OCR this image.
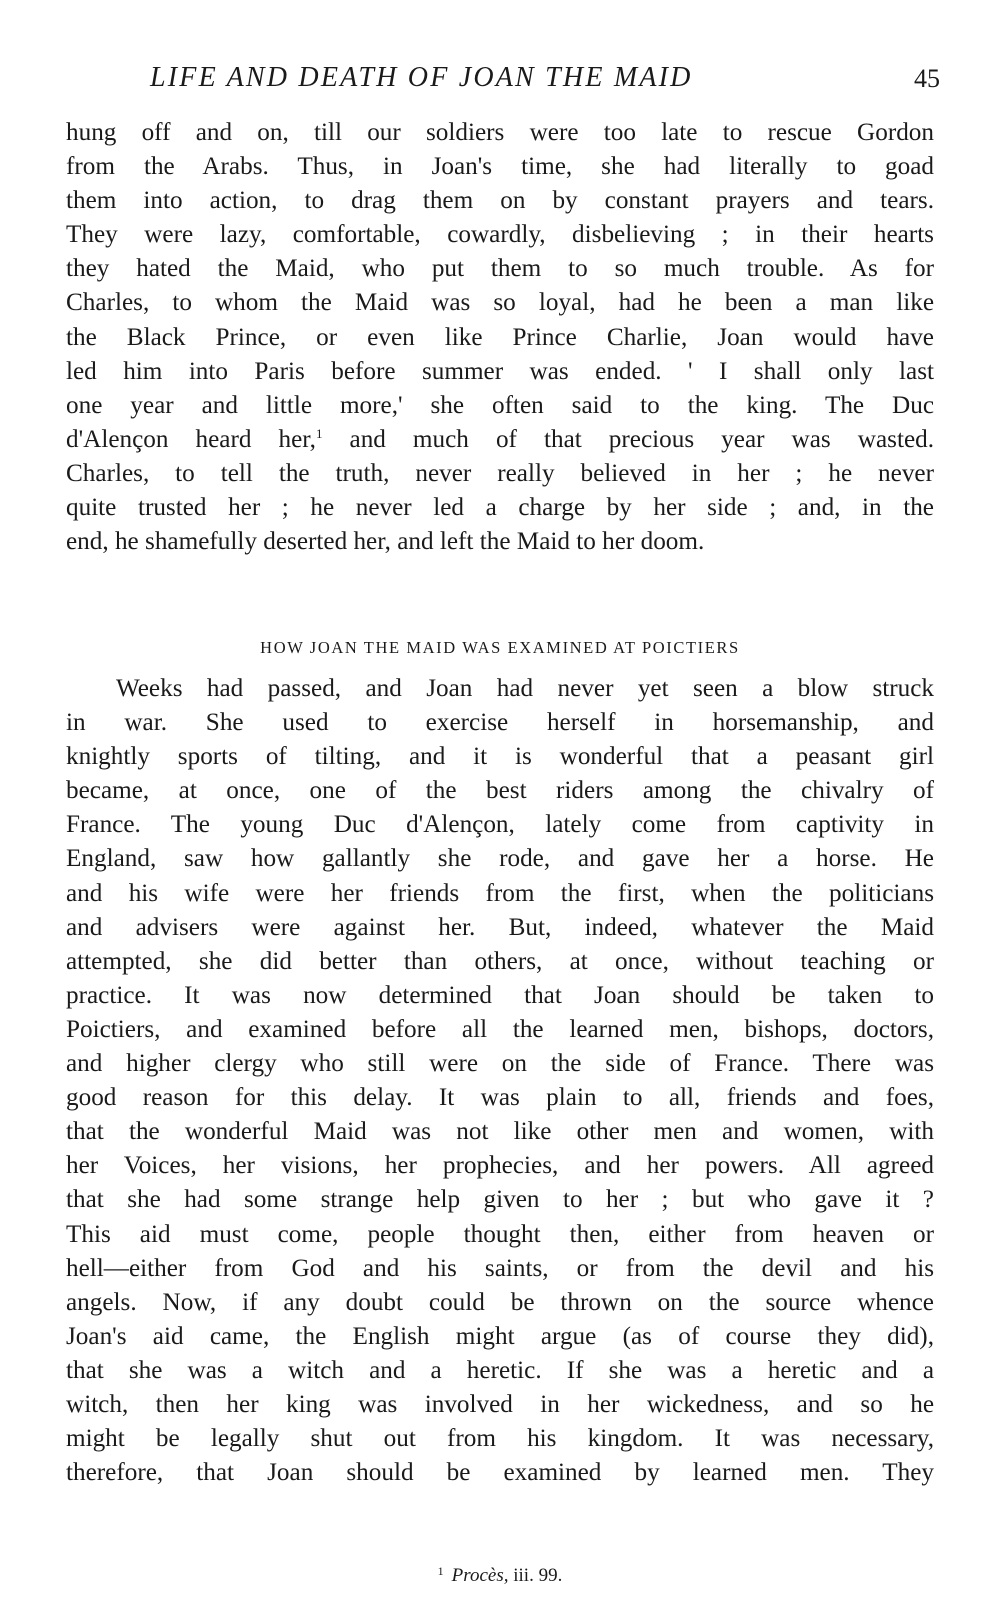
LIFE AND DEATH OF JOAN THE MAID	45
hung off and on, till our soldiers were too late to rescue Gordon
from the Arabs. Thus, in Joan's time, she had literally to goad
them into action, to drag them on by constant prayers and tears.
They were lazy, comfortable, cowardly, disbelieving ; in their hearts
they hated the Maid, who put them to so much trouble. As for
Charles, to whom the Maid was so loyal, had he been a man like
the Black Prince, or even like Prince Charlie, Joan would have
led him into Paris before summer was ended. ' I shall only last
one year and little more,' she often said to the king. The Duc
d'Alençon heard her,$^1$ and much of that precious year was wasted.
Charles, to tell the truth, never really believed in her ; he never
quite trusted her ; he never led a charge by her side ; and, in the
end, he shamefully deserted her, and left the Maid to her doom.
HOW JOAN THE MAID WAS EXAMINED AT POICTIERS
Weeks had passed, and Joan had never yet seen a blow struck
in war. She used to exercise herself in horsemanship, and
knightly sports of tilting, and it is wonderful that a peasant girl
became, at once, one of the best riders among the chivalry of
France. The young Duc d'Alençon, lately come from captivity in
England, saw how gallantly she rode, and gave her a horse. He
and his wife were her friends from the first, when the politicians
and advisers were against her. But, indeed, whatever the Maid
attempted, she did better than others, at once, without teaching or
practice. It was now determined that Joan should be taken to
Poictiers, and examined before all the learned men, bishops, doctors,
and higher clergy who still were on the side of France. There was
good reason for this delay. It was plain to all, friends and foes,
that the wonderful Maid was not like other men and women, with
her Voices, her visions, her prophecies, and her powers. All agreed
that she had some strange help given to her ; but who gave it ?
This aid must come, people thought then, either from heaven or
hell—either from God and his saints, or from the devil and his
angels. Now, if any doubt could be thrown on the source whence
Joan's aid came, the English might argue (as of course they did),
that she was a witch and a heretic. If she was a heretic and a
witch, then her king was involved in her wickedness, and so he
might be legally shut out from his kingdom. It was necessary,
therefore, that Joan should be examined by learned men. They
$^1$ Procès, iii. 99.
